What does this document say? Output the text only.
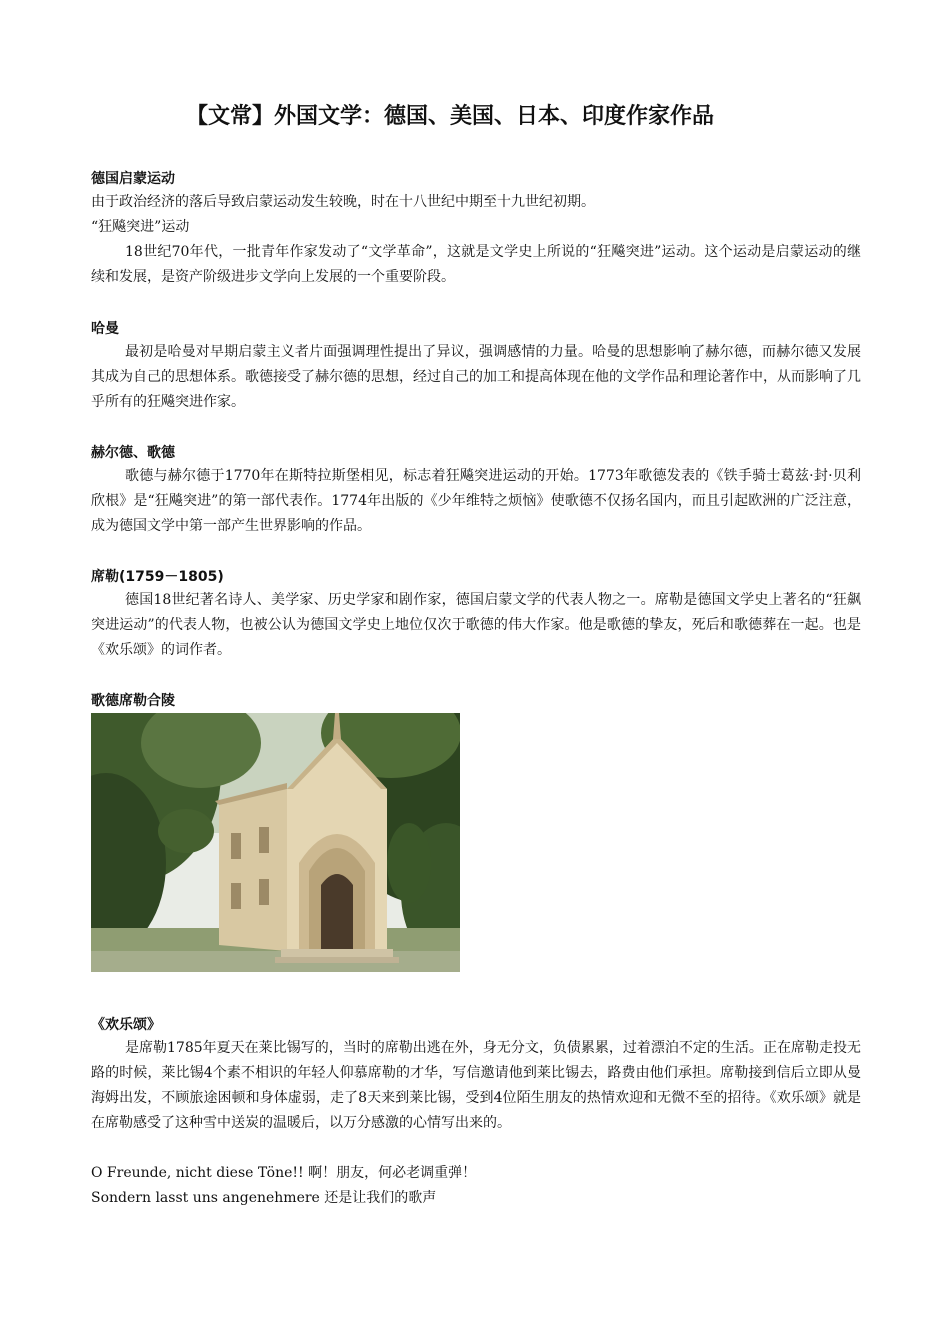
【文常】外国文学：德国、美国、日本、印度作家作品
德国启蒙运动
由于政治经济的落后导致启蒙运动发生较晚，时在十八世纪中期至十九世纪初期。
“狂飚突进”运动
18世纪70年代，一批青年作家发动了“文学革命”，这就是文学史上所说的“狂飚突进”运动。这个运动是启蒙运动的继续和发展，是资产阶级进步文学向上发展的一个重要阶段。
哈曼
最初是哈曼对早期启蒙主义者片面强调理性提出了异议，强调感情的力量。哈曼的思想影响了赫尔德，而赫尔德又发展其成为自己的思想体系。歌德接受了赫尔德的思想，经过自己的加工和提高体现在他的文学作品和理论著作中，从而影响了几乎所有的狂飚突进作家。
赫尔德、歌德
歌德与赫尔德于1770年在斯特拉斯堡相见，标志着狂飚突进运动的开始。1773年歌德发表的《铁手骑士葛兹·封·贝利欣根》是“狂飚突进”的第一部代表作。1774年出版的《少年维特之烦恼》使歌德不仅扬名国内，而且引起欧洲的广泛注意，成为德国文学中第一部产生世界影响的作品。
席勒(1759－1805)
德国18世纪著名诗人、美学家、历史学家和剧作家，德国启蒙文学的代表人物之一。席勒是德国文学史上著名的“狂飙突进运动”的代表人物，也被公认为德国文学史上地位仅次于歌德的伟大作家。他是歌德的挚友，死后和歌德葬在一起。也是《欢乐颂》的词作者。
歌德席勒合陵
《欢乐颂》
是席勒1785年夏天在莱比锡写的，当时的席勒出逃在外，身无分文，负债累累，过着漂泊不定的生活。正在席勒走投无路的时候，莱比锡4个素不相识的年轻人仰慕席勒的才华，写信邀请他到莱比锡去，路费由他们承担。席勒接到信后立即从曼海姆出发，不顾旅途困顿和身体虚弱，走了8天来到莱比锡，受到4位陌生朋友的热情欢迎和无微不至的招待。《欢乐颂》就是在席勒感受了这种雪中送炭的温暖后，以万分感激的心情写出来的。
O Freunde, nicht diese Töne!! 啊！朋友，何必老调重弹！
Sondern lasst uns angenehmere 还是让我们的歌声
